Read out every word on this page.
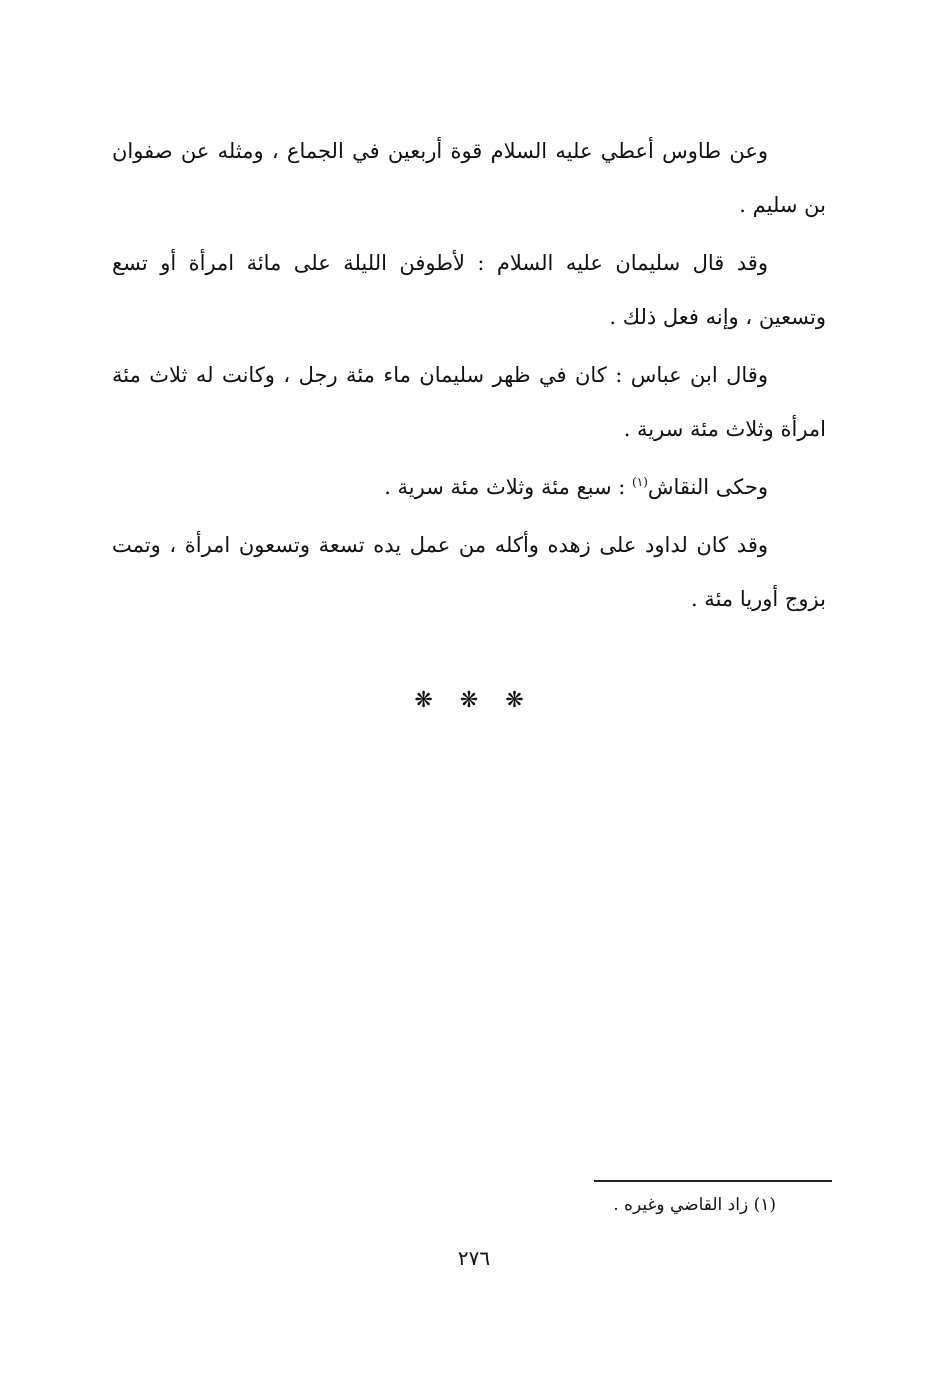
وعن طاوس أعطي عليه السلام قوة أربعين في الجماع ، ومثله عن صفوان بن سليم .

وقد قال سليمان عليه السلام : لأطوفن الليلة على مائة امرأة أو تسع وتسعين ، وإنه فعل ذلك .

وقال ابن عباس : كان في ظهر سليمان ماء مئة رجل ، وكانت له ثلاث مئة امرأة وثلاث مئة سرية .

وحكى النقاش$^{(١)}$ : سبع مئة وثلاث مئة سرية .

وقد كان لداود على زهده وأكله من عمل يده تسعة وتسعون امرأة ، وتمت بزوج أوريا مئة .

❋ ❋ ❋
(١) زاد القاضي وغيره .
٢٧٦
